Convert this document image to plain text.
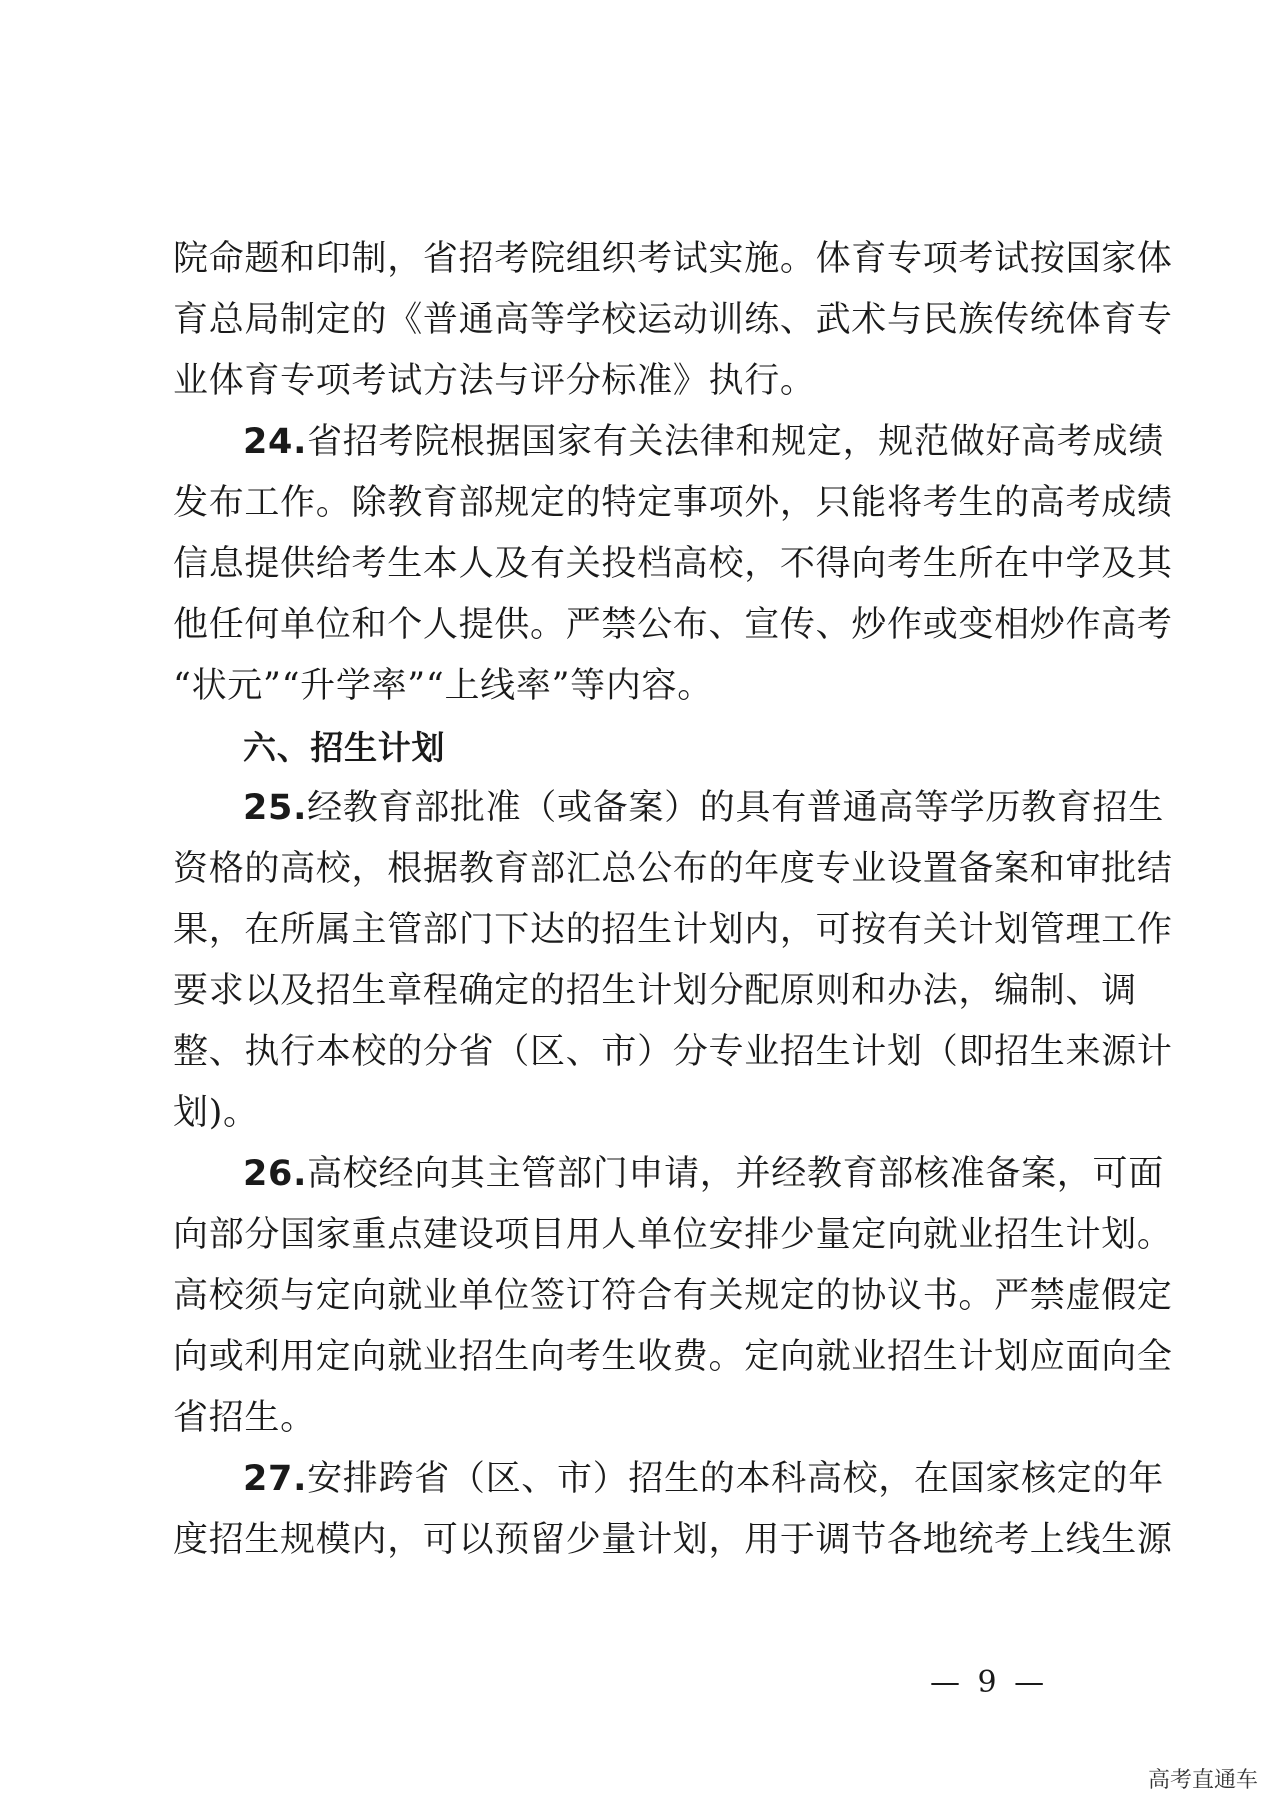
院命题和印制，省招考院组织考试实施。体育专项考试按国家体
育总局制定的《普通高等学校运动训练、武术与民族传统体育专
业体育专项考试方法与评分标准》执行。
24.省招考院根据国家有关法律和规定，规范做好高考成绩
发布工作。除教育部规定的特定事项外，只能将考生的高考成绩
信息提供给考生本人及有关投档高校，不得向考生所在中学及其
他任何单位和个人提供。严禁公布、宣传、炒作或变相炒作高考
“状元”“升学率”“上线率”等内容。
六、招生计划
25.经教育部批准（或备案）的具有普通高等学历教育招生
资格的高校，根据教育部汇总公布的年度专业设置备案和审批结
果，在所属主管部门下达的招生计划内，可按有关计划管理工作
要求以及招生章程确定的招生计划分配原则和办法，编制、调
整、执行本校的分省（区、市）分专业招生计划（即招生来源计
划)。
26.高校经向其主管部门申请，并经教育部核准备案，可面
向部分国家重点建设项目用人单位安排少量定向就业招生计划。
高校须与定向就业单位签订符合有关规定的协议书。严禁虚假定
向或利用定向就业招生向考生收费。定向就业招生计划应面向全
省招生。
27.安排跨省（区、市）招生的本科高校，在国家核定的年
度招生规模内，可以预留少量计划，用于调节各地统考上线生源
— 9 —
高考直通车
